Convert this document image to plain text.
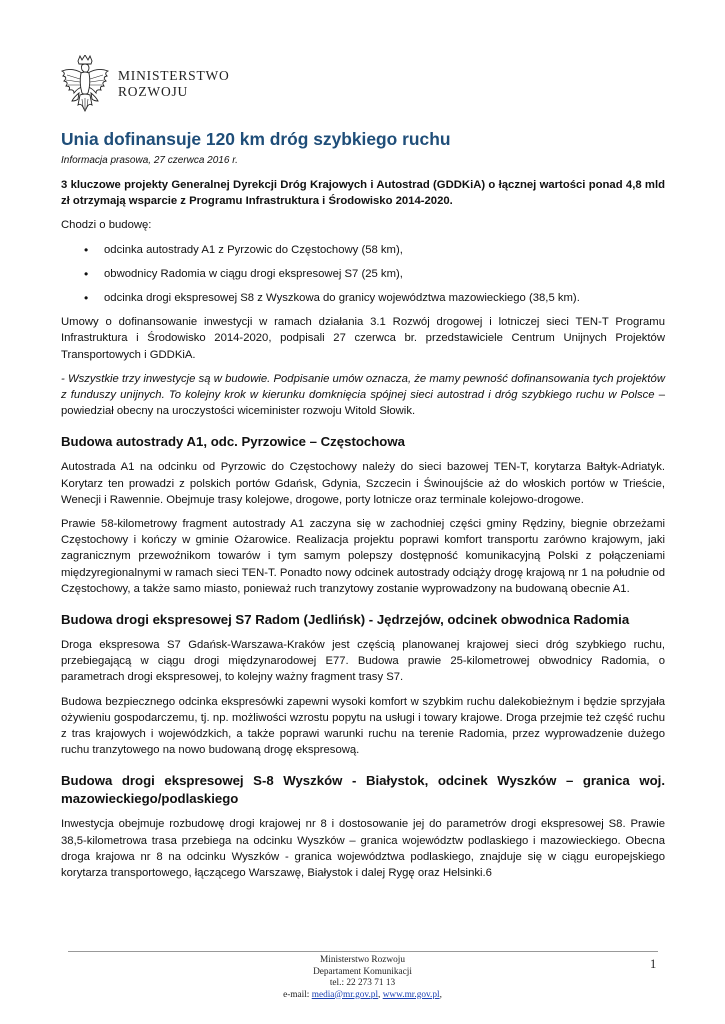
MINISTERSTWO
ROZWOJU
Unia dofinansuje 120 km dróg szybkiego ruchu
Informacja prasowa, 27 czerwca 2016 r.

3 kluczowe projekty Generalnej Dyrekcji Dróg Krajowych i Autostrad (GDDKiA) o łącznej wartości ponad 4,8 mld zł otrzymają wsparcie z Programu Infrastruktura i Środowisko 2014-2020.

Chodzi o budowę:

• odcinka autostrady A1 z Pyrzowic do Częstochowy (58 km),
• obwodnicy Radomia w ciągu drogi ekspresowej S7 (25 km),
• odcinka drogi ekspresowej S8 z Wyszkowa do granicy województwa mazowieckiego (38,5 km).

Umowy o dofinansowanie inwestycji w ramach działania 3.1 Rozwój drogowej i lotniczej sieci TEN-T Programu Infrastruktura i Środowisko 2014-2020, podpisali 27 czerwca br. przedstawiciele Centrum Unijnych Projektów Transportowych i GDDKiA.

- Wszystkie trzy inwestycje są w budowie. Podpisanie umów oznacza, że mamy pewność dofinansowania tych projektów z funduszy unijnych. To kolejny krok w kierunku domknięcia spójnej sieci autostrad i dróg szybkiego ruchu w Polsce – powiedział obecny na uroczystości wiceminister rozwoju Witold Słowik.

Budowa autostrady A1, odc. Pyrzowice – Częstochowa

Autostrada A1 na odcinku od Pyrzowic do Częstochowy należy do sieci bazowej TEN-T, korytarza Bałtyk-Adriatyk. Korytarz ten prowadzi z polskich portów Gdańsk, Gdynia, Szczecin i Świnoujście aż do włoskich portów w Trieście, Wenecji i Rawennie. Obejmuje trasy kolejowe, drogowe, porty lotnicze oraz terminale kolejowo-drogowe.

Prawie 58-kilometrowy fragment autostrady A1 zaczyna się w zachodniej części gminy Rędziny, biegnie obrzeżami Częstochowy i kończy w gminie Ożarowice. Realizacja projektu poprawi komfort transportu zarówno krajowym, jaki zagranicznym przewoźnikom towarów i tym samym polepszy dostępność komunikacyjną Polski z połączeniami międzyregionalnymi w ramach sieci TEN-T. Ponadto nowy odcinek autostrady odciąży drogę krajową nr 1 na południe od Częstochowy, a także samo miasto, ponieważ ruch tranzytowy zostanie wyprowadzony na budowaną obecnie A1.

Budowa drogi ekspresowej S7 Radom (Jedlińsk) - Jędrzejów, odcinek obwodnica Radomia

Droga ekspresowa S7 Gdańsk-Warszawa-Kraków jest częścią planowanej krajowej sieci dróg szybkiego ruchu, przebiegającą w ciągu drogi międzynarodowej E77. Budowa prawie 25-kilometrowej obwodnicy Radomia, o parametrach drogi ekspresowej, to kolejny ważny fragment trasy S7.

Budowa bezpiecznego odcinka ekspresówki zapewni wysoki komfort w szybkim ruchu dalekobieżnym i będzie sprzyjała ożywieniu gospodarczemu, tj. np. możliwości wzrostu popytu na usługi i towary krajowe. Droga przejmie też część ruchu z tras krajowych i wojewódzkich, a także poprawi warunki ruchu na terenie Radomia, przez wyprowadzenie dużego ruchu tranzytowego na nowo budowaną drogę ekspresową.

Budowa drogi ekspresowej S-8 Wyszków - Białystok, odcinek Wyszków – granica woj. mazowieckiego/podlaskiego

Inwestycja obejmuje rozbudowę drogi krajowej nr 8 i dostosowanie jej do parametrów drogi ekspresowej S8. Prawie 38,5-kilometrowa trasa przebiega na odcinku Wyszków – granica województw podlaskiego i mazowieckiego. Obecna droga krajowa nr 8 na odcinku Wyszków - granica województwa podlaskiego, znajduje się w ciągu europejskiego korytarza transportowego, łączącego Warszawę, Białystok i dalej Rygę oraz Helsinki.6

Ministerstwo Rozwoju
Departament Komunikacji
tel.: 22 273 71 13
e-mail: media@mr.gov.pl, www.mr.gov.pl,
1
